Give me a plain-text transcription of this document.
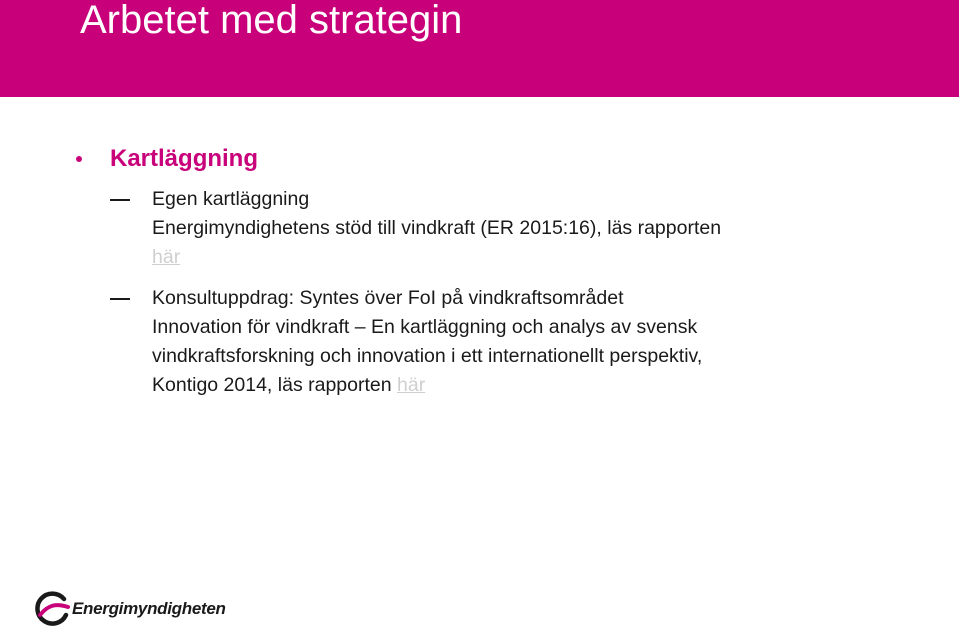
Arbetet med strategin
Kartläggning
Egen kartläggning
Energimyndighetens stöd till vindkraft (ER 2015:16), läs rapporten
här
Konsultuppdrag: Syntes över FoI på vindkraftsområdet
Innovation för vindkraft – En kartläggning och analys av svensk
vindkraftsforskning och innovation i ett internationellt perspektiv,
Kontigo 2014, läs rapporten här
Energimyndigheten
